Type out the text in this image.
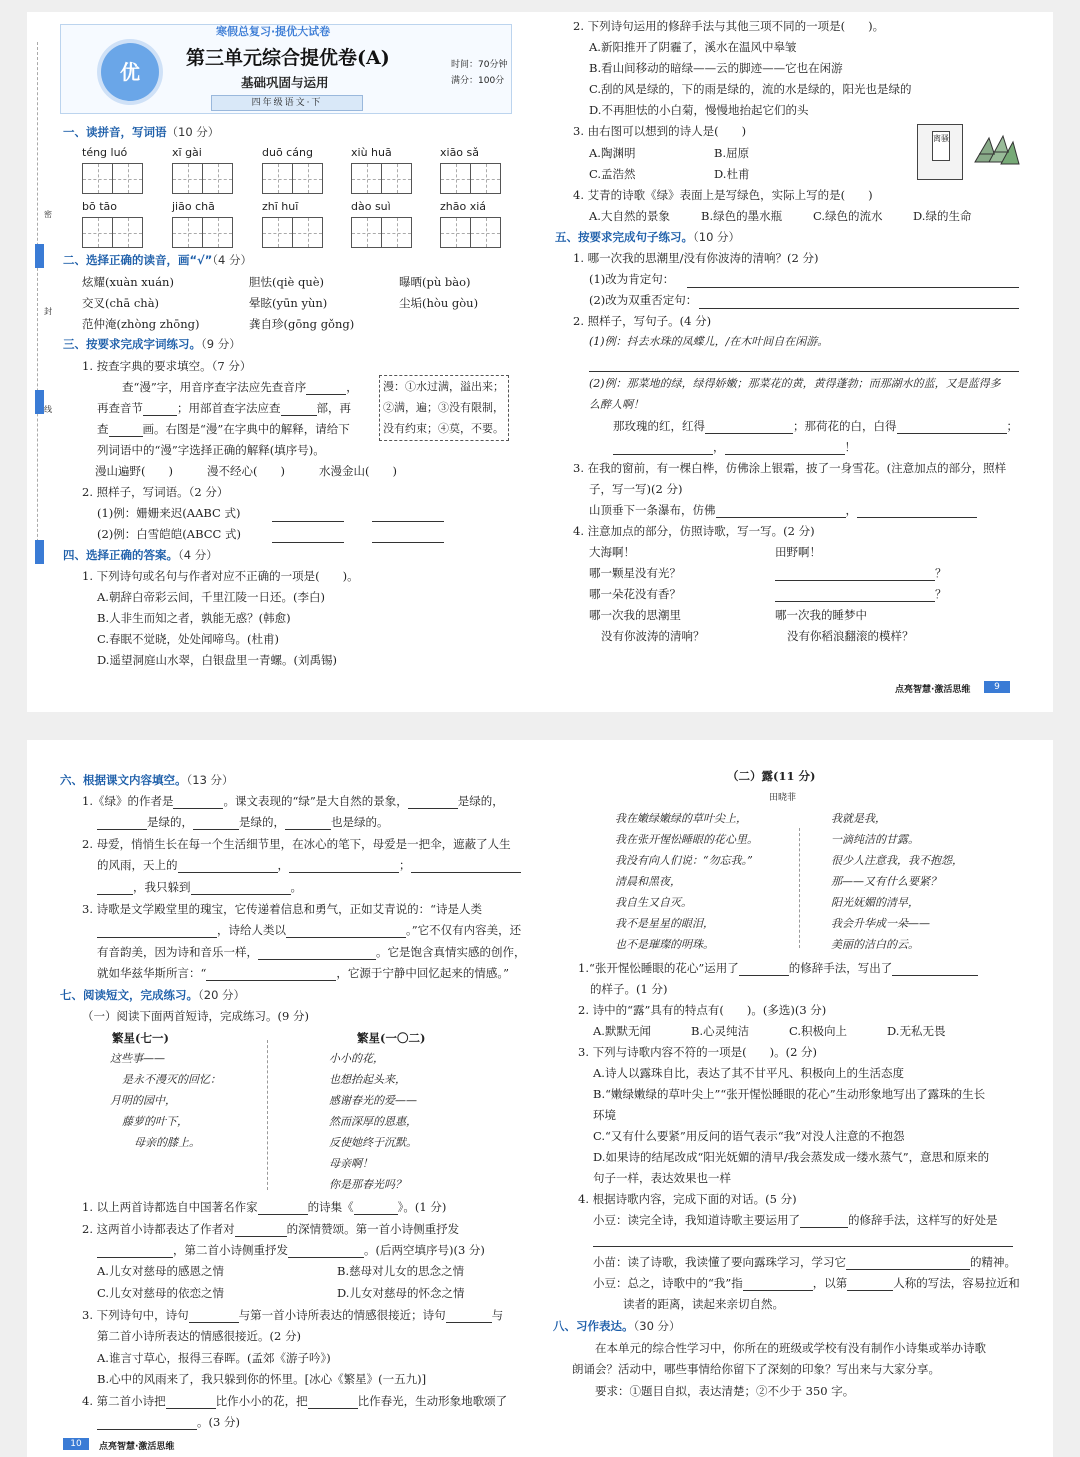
密
封
线
优
寒假总复习·提优大试卷
第三单元综合提优卷(A)
基础巩固与运用
时间：70分钟
满分：100分
四年级语文·下
一、读拼音，写词语（10 分）
téng luó	xī gài	duō cáng	xiù huā	xiāo sǎ
bō tāo	jiāo chā	zhī huī	dào suì	zhāo xiá
二、选择正确的读音，画“√”（4 分）
炫耀(xuàn xuán)	胆怯(qiè què)	曝晒(pù bào)
交叉(chā chà)	晕眩(yūn yùn)	尘垢(hòu gòu)
范仲淹(zhòng zhōng)	龚自珍(gōng gǒng)
三、按要求完成字词练习。（9 分）
1. 按查字典的要求填空。（7 分）
查“漫”字，用音序查字法应先查音序	，
再查音节	；用部首查字法应查	部，再
查	画。右图是“漫”在字典中的解释，请给下
列词语中的“漫”字选择正确的解释(填序号)。
漫山遍野(　　)	漫不经心(　　)	水漫金山(　　)
漫：①水过满，溢出来；
②满，遍；③没有限制，
没有约束；④莫，不要。
2. 照样子，写词语。（2 分）
(1)例：姗姗来迟(AABC 式)
(2)例：白雪皑皑(ABCC 式)
四、选择正确的答案。（4 分）
1. 下列诗句或名句与作者对应不正确的一项是(　　)。
A.朝辞白帝彩云间，千里江陵一日还。(李白)
B.人非生而知之者，孰能无惑？(韩愈)
C.春眠不觉晓，处处闻啼鸟。(杜甫)
D.遥望洞庭山水翠，白银盘里一青螺。(刘禹锡)
2. 下列诗句运用的修辞手法与其他三项不同的一项是(　　)。
A.新阳推开了阴霾了，溪水在温风中皋皱
B.看山间移动的暗绿——云的脚迹——它也在闲游
C.刮的风是绿的，下的雨是绿的，流的水是绿的，阳光也是绿的
D.不再胆怯的小白菊，慢慢地抬起它们的头
3. 由右图可以想到的诗人是(　　)
A.陶渊明	B.屈原
C.孟浩然	D.杜甫
离骚
4. 艾青的诗歌《绿》表面上是写绿色，实际上写的是(　　)
A.大自然的景象	B.绿色的墨水瓶	C.绿色的流水	D.绿的生命
五、按要求完成句子练习。（10 分）
1. 哪一次我的思潮里/没有你波涛的清响？(2 分)
(1)改为肯定句：
(2)改为双重否定句：
2. 照样子，写句子。(4 分)
(1)例：抖去水珠的凤蝶儿，/在木叶间自在闲游。
(2)例：那菜地的绿，绿得娇嫩；那菜花的黄，黄得蓬勃；而那湖水的蓝，又是蓝得多
么醉人啊！
那玫瑰的红，红得	；那荷花的白，白得	；
，	！
3. 在我的窗前，有一棵白桦，仿佛涂上银霜，披了一身雪花。(注意加点的部分，照样
子，写一写)(2 分)
山顶垂下一条瀑布，仿佛	，
4. 注意加点的部分，仿照诗歌，写一写。(2 分)
大海啊！	田野啊！
哪一颗星没有光？	？
哪一朵花没有香？	？
哪一次我的思潮里	哪一次我的睡梦中
没有你波涛的清响？	没有你稻浪翻滚的模样？
点亮智慧·激活思维	9
六、根据课文内容填空。（13 分）
1.《绿》的作者是	。课文表现的“绿”是大自然的景象，	是绿的，
是绿的，	是绿的，	也是绿的。
2. 母爱，悄悄生长在每一个生活细节里，在冰心的笔下，母爱是一把伞，遮蔽了人生
的风雨，天上的	，	；
，我只躲到	。
3. 诗歌是文学殿堂里的瑰宝，它传递着信息和勇气，正如艾青说的：“诗是人类
，诗给人类以	。”它不仅有内容美，还
有音韵美，因为诗和音乐一样，	。它是饱含真情实感的创作，
就如华兹华斯所言：“	，它源于宁静中回忆起来的情感。”
七、阅读短文，完成练习。（20 分）
（一）阅读下面两首短诗，完成练习。(9 分)
繁星(七一)	繁星(一〇二)
这些事——
是永不漫灭的回忆：
月明的园中，
藤萝的叶下，
母亲的膝上。
小小的花，
也想抬起头来，
感谢春光的爱——
然而深厚的恩惠，
反使她终于沉默。
母亲啊！
你是那春光吗？
1. 以上两首诗都选自中国著名作家	的诗集《	》。(1 分)
2. 这两首小诗都表达了作者对	的深情赞颂。第一首小诗侧重抒发
，第二首小诗侧重抒发	。(后两空填序号)(3 分)
A.儿女对慈母的感恩之情	B.慈母对儿女的思念之情
C.儿女对慈母的依恋之情	D.儿女对慈母的怀念之情
3. 下列诗句中，诗句	与第一首小诗所表达的情感很接近；诗句	与
第二首小诗所表达的情感很接近。(2 分)
A.谁言寸草心，报得三春晖。(孟郊《游子吟》)
B.心中的风雨来了，我只躲到你的怀里。[冰心《繁星》(一五九)]
4. 第二首小诗把	比作小小的花，把	比作春光，生动形象地歌颂了
。(3 分)
10	点亮智慧·激活思维
（二）露(11 分)
田晓菲
我在嫩绿嫩绿的草叶尖上，
我在张开惺忪睡眼的花心里。
我没有向人们说：“勿忘我。”
清晨和黑夜，
我自生又自灭。
我不是星星的眼泪，
也不是璀璨的明珠。
我就是我，
一滴纯洁的甘露。
很少人注意我，我不抱怨，
那——又有什么要紧？
阳光妩媚的清早，
我会升华成一朵——
美丽的洁白的云。
1.“张开惺忪睡眼的花心”运用了	的修辞手法，写出了
的样子。(1 分)
2. 诗中的“露”具有的特点有(　　)。(多选)(3 分)
A.默默无闻	B.心灵纯洁	C.积极向上	D.无私无畏
3. 下列与诗歌内容不符的一项是(　　)。(2 分)
A.诗人以露珠自比，表达了其不甘平凡、积极向上的生活态度
B.“嫩绿嫩绿的草叶尖上”“张开惺忪睡眼的花心”生动形象地写出了露珠的生长
环境
C.“又有什么要紧”用反问的语气表示“我”对没人注意的不抱怨
D.如果诗的结尾改成“阳光妩媚的清早/我会蒸发成一缕水蒸气”，意思和原来的
句子一样，表达效果也一样
4. 根据诗歌内容，完成下面的对话。(5 分)
小豆：读完全诗，我知道诗歌主要运用了	的修辞手法，这样写的好处是
小苗：读了诗歌，我读懂了要向露珠学习，学习它	的精神。
小豆：总之，诗歌中的“我”指	，以第	人称的写法，容易拉近和
读者的距离，读起来亲切自然。
八、习作表达。（30 分）
在本单元的综合性学习中，你所在的班级或学校有没有制作小诗集或举办诗歌
朗诵会？活动中，哪些事情给你留下了深刻的印象？写出来与大家分享。
要求：①题目自拟，表达清楚；②不少于 350 字。
